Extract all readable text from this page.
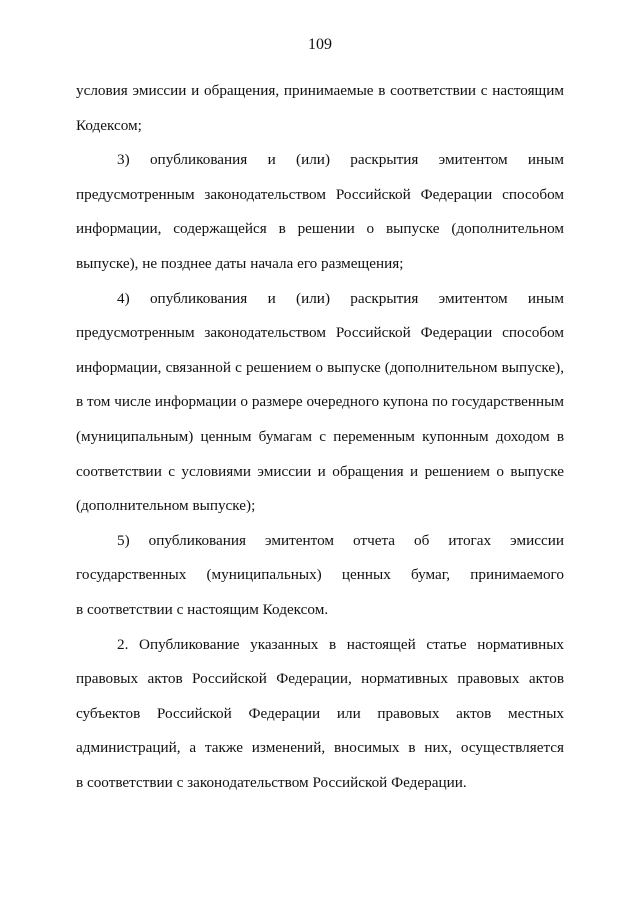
109
условия эмиссии и обращения, принимаемые в соответствии с настоящим
Кодексом;
3) опубликования и (или) раскрытия эмитентом иным
предусмотренным законодательством Российской Федерации способом
информации, содержащейся в решении о выпуске (дополнительном
выпуске), не позднее даты начала его размещения;
4) опубликования и (или) раскрытия эмитентом иным
предусмотренным законодательством Российской Федерации способом
информации, связанной с решением о выпуске (дополнительном выпуске),
в том числе информации о размере очередного купона по государственным
(муниципальным) ценным бумагам с переменным купонным доходом в
соответствии с условиями эмиссии и обращения и решением о выпуске
(дополнительном выпуске);
5) опубликования эмитентом отчета об итогах эмиссии
государственных (муниципальных) ценных бумаг, принимаемого
в соответствии с настоящим Кодексом.
2. Опубликование указанных в настоящей статье нормативных
правовых актов Российской Федерации, нормативных правовых актов
субъектов Российской Федерации или правовых актов местных
администраций, а также изменений, вносимых в них, осуществляется
в соответствии с законодательством Российской Федерации.
